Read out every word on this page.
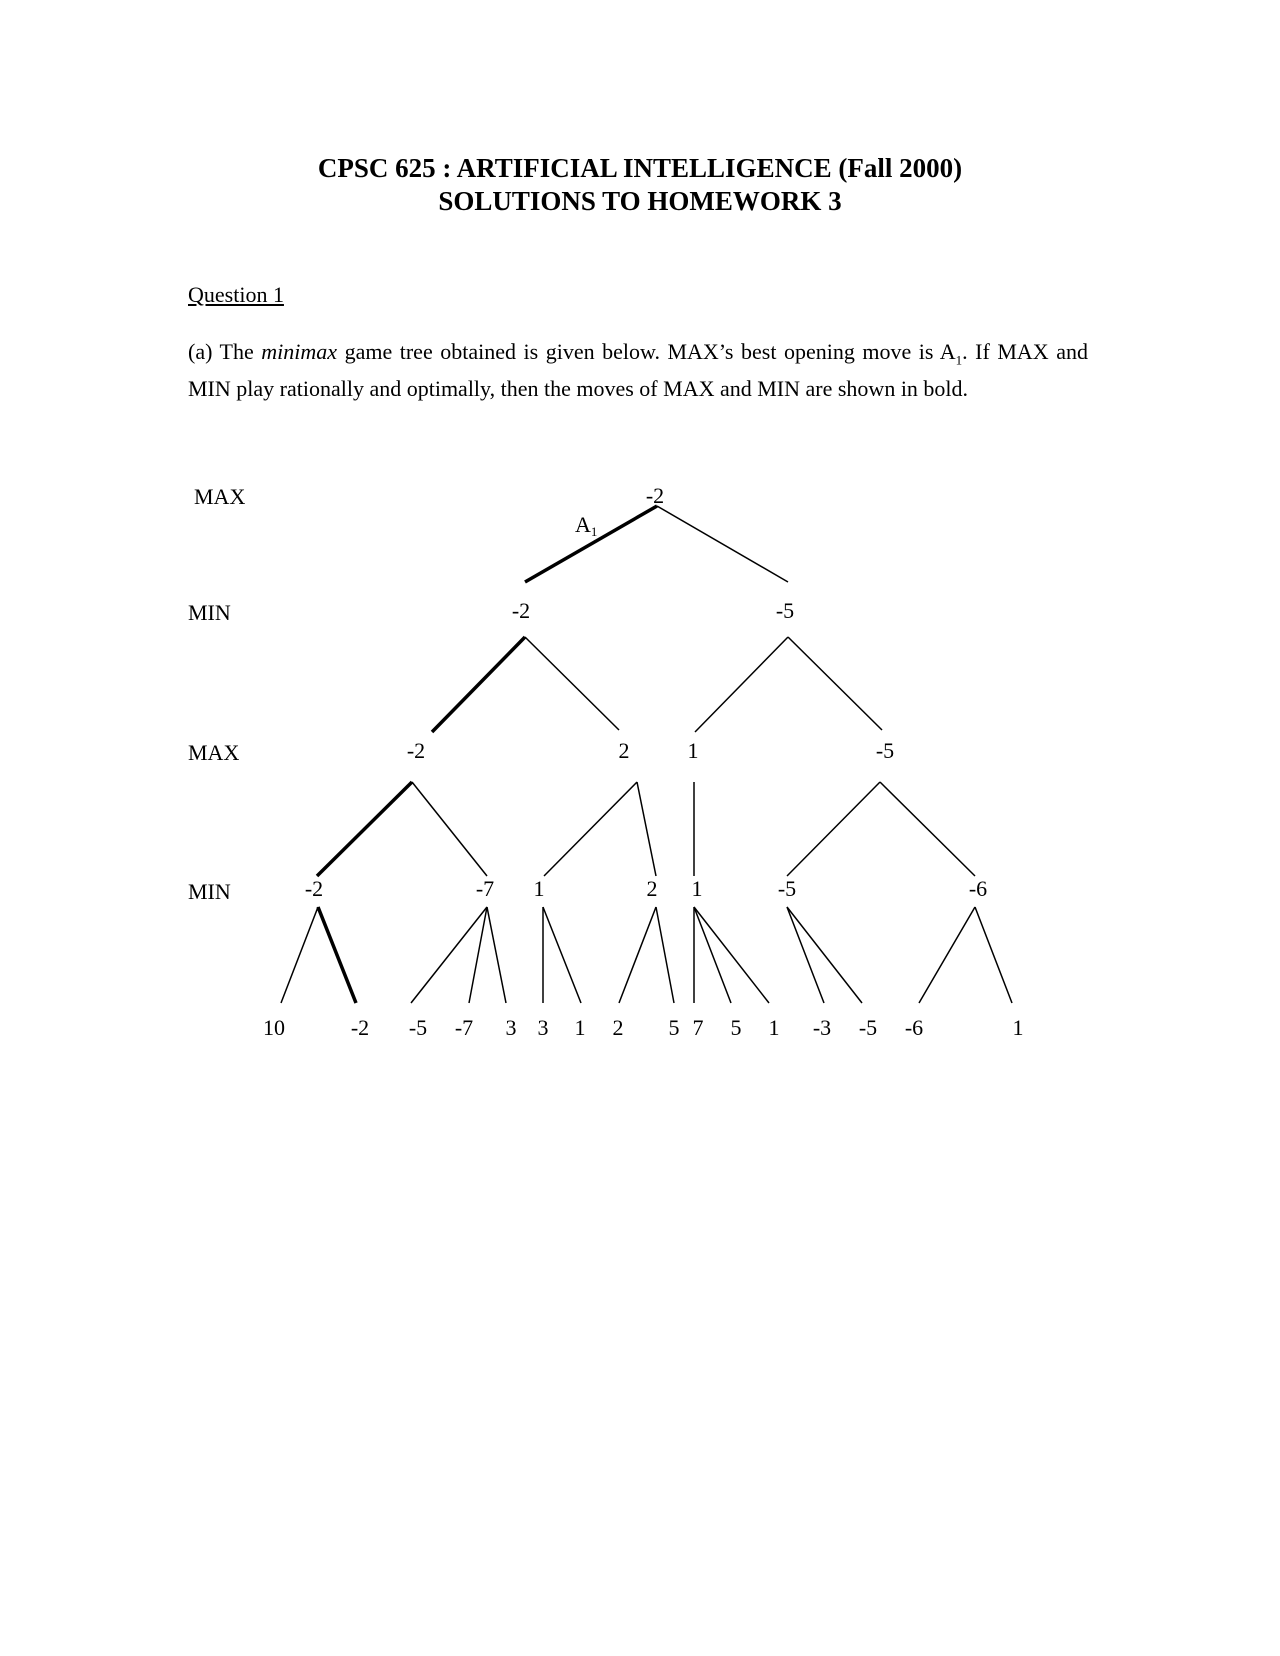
CPSC 625 : ARTIFICIAL INTELLIGENCE (Fall 2000)
SOLUTIONS TO HOMEWORK 3
Question 1
(a) The minimax game tree obtained is given below. MAX’s best opening move is $A_1$. If MAX and MIN play rationally and optimally, then the moves of MAX and MIN are shown in bold.
MAX
MIN
MAX
MIN
-2
-2	-5
-2	2	1	-5
-2	-7 1	2 1	-5	-6
10	-2 -5 -7 3 3 1 2 5 7 5 1 -3 -5 -6	1
A1
